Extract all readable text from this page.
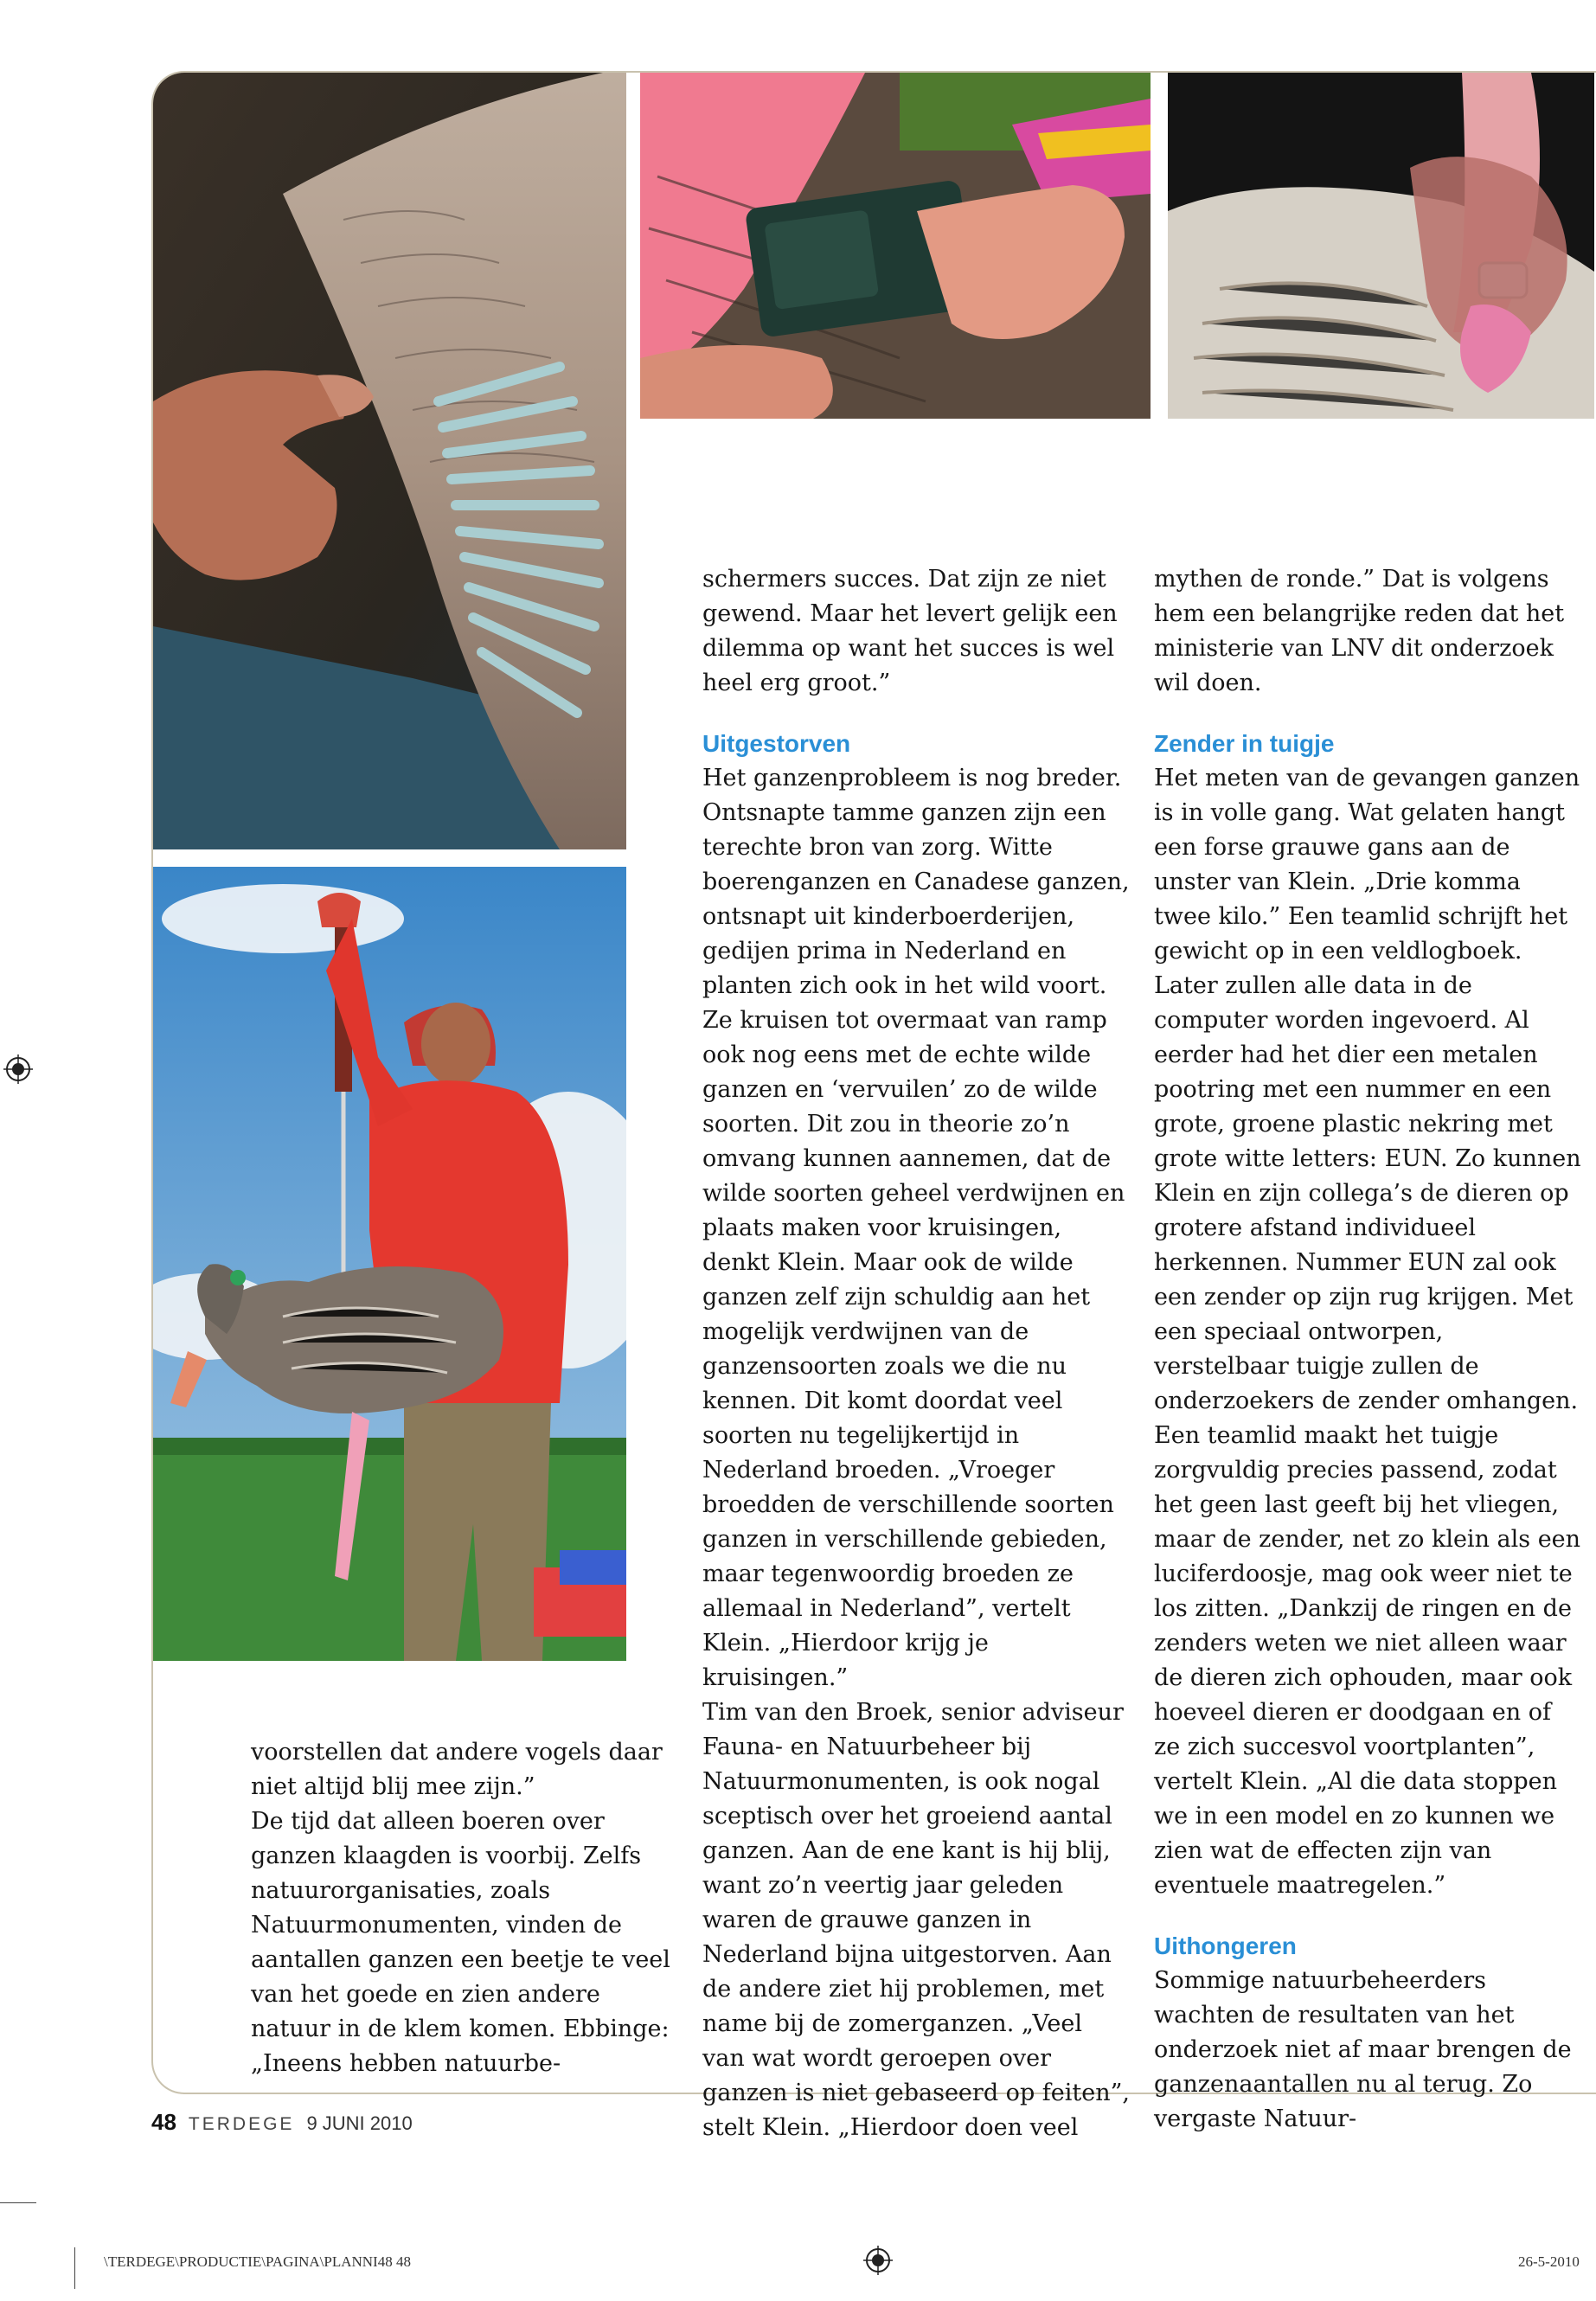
voorstellen dat andere vogels daar niet altijd blij mee zijn.”

De tijd dat alleen boeren over ganzen klaagden is voorbij. Zelfs natuurorganisaties, zoals Natuurmonumenten, vinden de aantallen ganzen een beetje te veel van het goede en zien andere natuur in de klem komen. Ebbinge: „Ineens hebben natuurbe-

schermers succes. Dat zijn ze niet gewend. Maar het levert gelijk een dilemma op want het succes is wel heel erg groot.”

Uitgestorven

Het ganzenprobleem is nog breder. Ontsnapte tamme ganzen zijn een terechte bron van zorg. Witte boerenganzen en Canadese ganzen, ontsnapt uit kinderboerderijen, gedijen prima in Nederland en planten zich ook in het wild voort. Ze kruisen tot overmaat van ramp ook nog eens met de echte wilde ganzen en ‘vervuilen’ zo de wilde soorten. Dit zou in theorie zo’n omvang kunnen aannemen, dat de wilde soorten geheel verdwijnen en plaats maken voor kruisingen, denkt Klein. Maar ook de wilde ganzen zelf zijn schuldig aan het mogelijk verdwijnen van de ganzensoorten zoals we die nu kennen. Dit komt doordat veel soorten nu tegelijkertijd in Nederland broeden. „Vroeger broedden de verschillende soorten ganzen in verschillende gebieden, maar tegenwoordig broeden ze allemaal in Nederland”, vertelt Klein. „Hierdoor krijg je kruisingen.”

Tim van den Broek, senior adviseur Fauna- en Natuurbeheer bij Natuurmonumenten, is ook nogal sceptisch over het groeiend aantal ganzen. Aan de ene kant is hij blij, want zo’n veertig jaar geleden waren de grauwe ganzen in Nederland bijna uitgestorven. Aan de andere ziet hij problemen, met name bij de zomerganzen. „Veel van wat wordt geroepen over ganzen is niet gebaseerd op feiten”, stelt Klein. „Hierdoor doen veel

mythen de ronde.” Dat is volgens hem een belangrijke reden dat het ministerie van LNV dit onderzoek wil doen.

Zender in tuigje

Het meten van de gevangen ganzen is in volle gang. Wat gelaten hangt een forse grauwe gans aan de unster van Klein. „Drie komma twee kilo.” Een teamlid schrijft het gewicht op in een veldlogboek. Later zullen alle data in de computer worden ingevoerd. Al eerder had het dier een metalen pootring met een nummer en een grote, groene plastic nekring met grote witte letters: EUN. Zo kunnen Klein en zijn collega’s de dieren op grotere afstand individueel herkennen. Nummer EUN zal ook een zender op zijn rug krijgen. Met een speciaal ontworpen, verstelbaar tuigje zullen de onderzoekers de zender omhangen. Een teamlid maakt het tuigje zorgvuldig precies passend, zodat het geen last geeft bij het vliegen, maar de zender, net zo klein als een luciferdoosje, mag ook weer niet te los zitten. „Dankzij de ringen en de zenders weten we niet alleen waar de dieren zich ophouden, maar ook hoeveel dieren er doodgaan en of ze zich succesvol voortplanten”, vertelt Klein. „Al die data stoppen we in een model en zo kunnen we zien wat de effecten zijn van eventuele maatregelen.”

Uithongeren

Sommige natuurbeheerders wachten de resultaten van het onderzoek niet af maar brengen de ganzenaantallen nu al terug. Zo vergaste Natuur-

48 TERDEGE 9 JUNI 2010
\TERDEGE\PRODUCTIE\PAGINA\PLANNI48 48	26-5-2010
